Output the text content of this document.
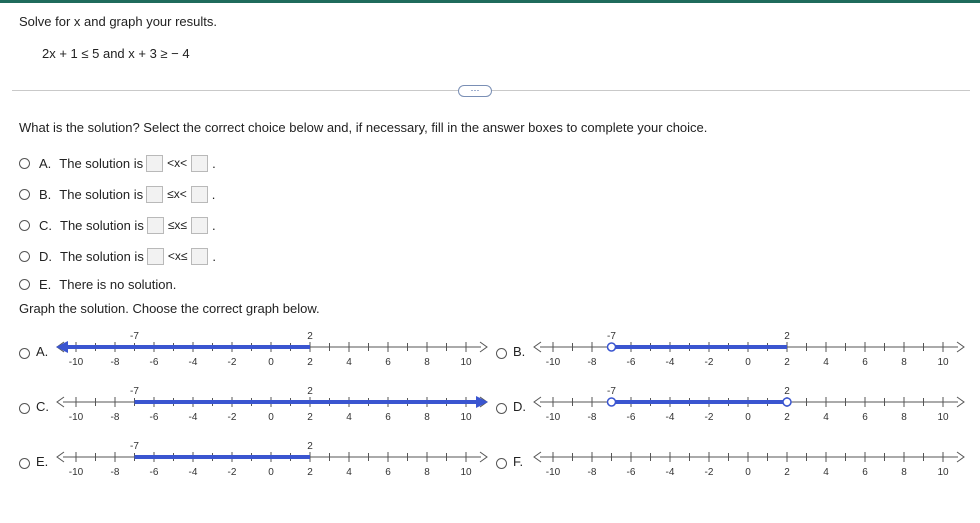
Solve for x and graph your results.
2x + 1 ≤ 5 and x + 3 ≥ − 4
⋯
What is the solution? Select the correct choice below and, if necessary, fill in the answer boxes to complete your choice.
A. The solution is <x< .
B. The solution is ≤x< .
C. The solution is ≤x≤ .
D. The solution is <x≤ .
E. There is no solution.
Graph the solution. Choose the correct graph below.
A.
-10	-8	-6	-4	-2	0	2	4	6	8	10
-7	2
B.
-10	-8	-6	-4	-2	0	2	4	6	8	10
-7	2
C.
-10	-8	-6	-4	-2	0	2	4	6	8	10
-7	2
D.
-10	-8	-6	-4	-2	0	2	4	6	8	10
-7	2
E.
-10	-8	-6	-4	-2	0	2	4	6	8	10
-7	2
F.
-10	-8	-6	-4	-2	0	2	4	6	8	10
